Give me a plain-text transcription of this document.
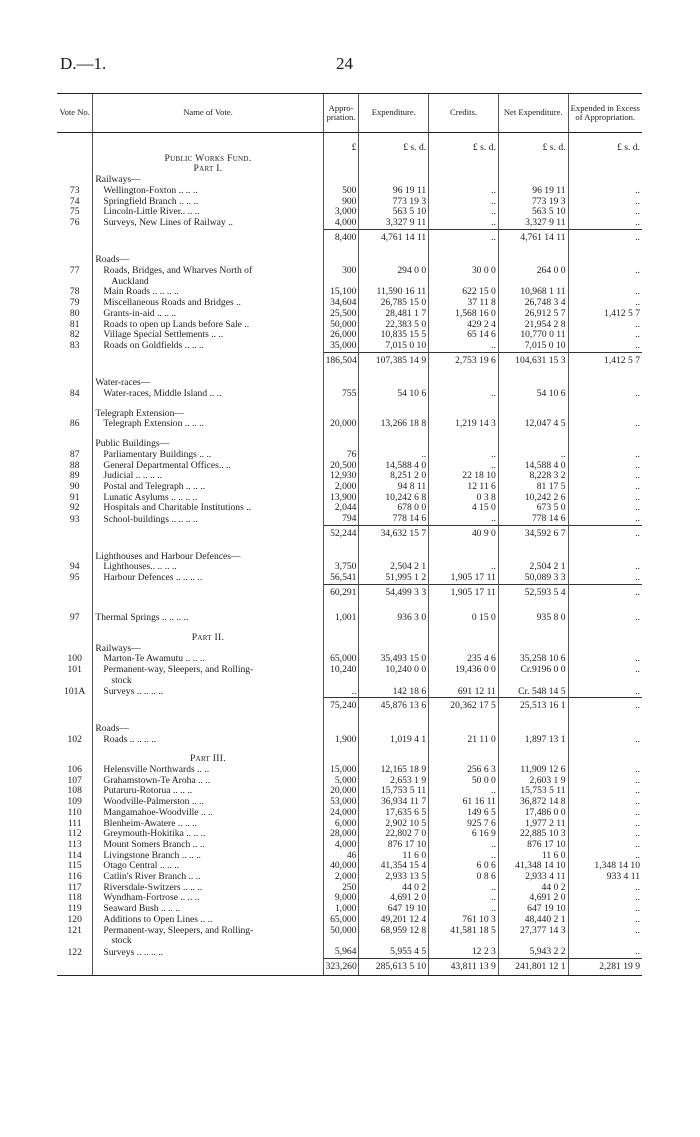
D.—1.	24
Vote No.	Name of Vote.	Appro-priation.	Expenditure.	Credits.	Net Expenditure.	Expended in Excess of Appropriation.
		£	£ s. d.	£ s. d.	£ s. d.	£ s. d.
	Public Works Fund.					
	Part I.					
	Railways—					
73	Wellington-Foxton .. .. ..	500	96 19 11	..	96 19 11	..
74	Springfield Branch .. .. ..	900	773 19 3	..	773 19 3	..
75	Lincoln-Little River.. .. ..	3,000	563 5 10	..	563 5 10	..
76	Surveys, New Lines of Railway ..	4,000	3,327 9 11	..	3,327 9 11	..
		8,400	4,761 14 11	..	4,761 14 11	..
	Roads—					
77	Roads, Bridges, and Wharves North of	300	294 0 0	30 0 0	264 0 0	..
	Auckland					
78	Main Roads .. .. .. ..	15,100	11,590 16 11	622 15 0	10,968 1 11	..
79	Miscellaneous Roads and Bridges ..	34,604	26,785 15 0	37 11 8	26,748 3 4	..
80	Grants-in-aid .. .. ..	25,500	28,481 1 7	1,568 16 0	26,912 5 7	1,412 5 7
81	Roads to open up Lands before Sale ..	50,000	22,383 5 0	429 2 4	21,954 2 8	..
82	Village Special Settlements .. ..	26,000	10,835 15 5	65 14 6	10,770 0 11	..
83	Roads on Goldfields .. .. ..	35,000	7,015 0 10	..	7,015 0 10	..
		186,504	107,385 14 9	2,753 19 6	104,631 15 3	1,412 5 7
	Water-races—					
84	Water-races, Middle Island .. ..	755	54 10 6	..	54 10 6	..
	Telegraph Extension—					
86	Telegraph Extension .. .. ..	20,000	13,266 18 8	1,219 14 3	12,047 4 5	..
	Public Buildings—					
87	Parliamentary Buildings .. ..	76	..	..	..	..
88	General Departmental Offices.. ..	20,500	14,588 4 0	..	14,588 4 0	..
89	Judicial .. .. .. ..	12,930	8,251 2 0	22 18 10	8,228 3 2	..
90	Postal and Telegraph .. .. ..	2,000	94 8 11	12 11 6	81 17 5	..
91	Lunatic Asylums .. .. .. ..	13,900	10,242 6 8	0 3 8	10,242 2 6	..
92	Hospitals and Charitable Institutions ..	2,044	678 0 0	4 15 0	673 5 0	..
93	School-buildings .. .. .. ..	794	778 14 6	..	778 14 6	..
		52,244	34,632 15 7	40 9 0	34,592 6 7	..
	Lighthouses and Harbour Defences—					
94	Lighthouses.. .. .. ..	3,750	2,504 2 1	..	2,504 2 1	..
95	Harbour Defences .. .. .. ..	56,541	51,995 1 2	1,905 17 11	50,089 3 3	..
		60,291	54,499 3 3	1,905 17 11	52,593 5 4	..
97	Thermal Springs .. .. .. ..	1,001	936 3 0	0 15 0	935 8 0	..
	Part II.					
	Railways—					
100	Marton-Te Awamutu .. .. ..	65,000	35,493 15 0	235 4 6	35,258 10 6	..
101	Permanent-way, Sleepers, and Rolling-	10,240	10,240 0 0	19,436 0 0	Cr.9196 0 0	..
	stock					
101A	Surveys .. .. .. ..	..	142 18 6	691 12 11	Cr. 548 14 5	..
		75,240	45,876 13 6	20,362 17 5	25,513 16 1	..
	Roads—					
102	Roads .. .. .. ..	1,900	1,019 4 1	21 11 0	1,897 13 1	..
	Part III.					
106	Helensville Northwards .. ..	15,000	12,165 18 9	256 6 3	11,909 12 6	..
107	Grahamstown-Te Aroha .. ..	5,000	2,653 1 9	50 0 0	2,603 1 9	..
108	Putaruru-Rotorua .. .. ..	20,000	15,753 5 11	..	15,753 5 11	..
109	Woodville-Palmerston .. ..	53,000	36,934 11 7	61 16 11	36,872 14 8	..
110	Mangamahoe-Woodville .. ..	24,000	17,635 6 5	149 6 5	17,486 0 0	..
111	Blenheim-Awatere .. .. ..	6,000	2,902 10 5	925 7 6	1,977 2 11	..
112	Greymouth-Hokitika .. .. ..	28,000	22,802 7 0	6 16 9	22,885 10 3	..
113	Mount Somers Branch .. ..	4,000	876 17 10	..	876 17 10	..
114	Livingstone Branch .. .. ..	46	11 6 0	..	11 6 0	..
115	Otago Central .. .. ..	40,000	41,354 15 4	6 0 6	41,348 14 10	1,348 14 10
116	Catlin's River Branch .. ..	2,000	2,933 13 5	0 8 6	2,933 4 11	933 4 11
117	Riversdale-Switzers .. .. ..	250	44 0 2	..	44 0 2	..
118	Wyndham-Fortrose .. .. ..	9,000	4,691 2 0	..	4,691 2 0	..
119	Seaward Bush .. .. ..	1,000	647 19 10	..	647 19 10	..
120	Additions to Open Lines .. ..	65,000	49,201 12 4	761 10 3	48,440 2 1	..
121	Permanent-way, Sleepers, and Rolling-	50,000	68,959 12 8	41,581 18 5	27,377 14 3	..
	stock					
122	Surveys .. .. .. ..	5,964	5,955 4 5	12 2 3	5,943 2 2	..
		323,260	285,613 5 10	43,811 13 9	241,801 12 1	2,281 19 9
